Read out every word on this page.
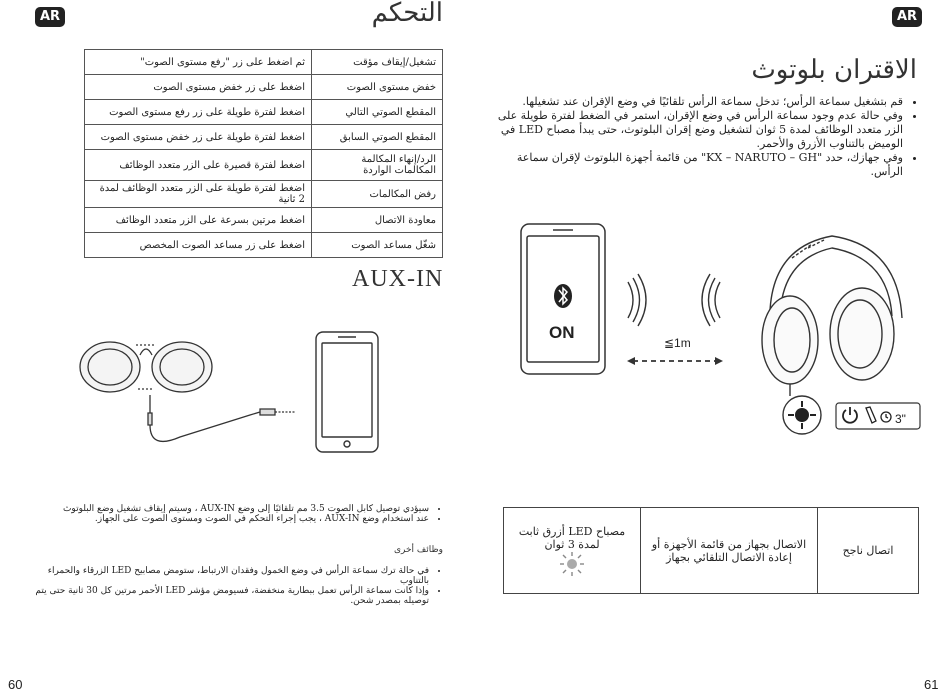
AR	التحكم
تشغيل/إيقاف مؤقت	ثم اضغط على زر "رفع مستوى الصوت"
خفض مستوى الصوت	اضغط على زر خفض مستوى الصوت
المقطع الصوتي التالي	اضغط لفترة طويلة على زر رفع مستوى الصوت
المقطع الصوتي السابق	اضغط لفترة طويلة على زر خفض مستوى الصوت
الرد/إنهاء المكالمة المكالمات الواردة	اضغط لفترة قصيرة على الزر متعدد الوظائف
رفض المكالمات	اضغط لفترة طويلة على الزر متعدد الوظائف لمدة 2 ثانية
معاودة الاتصال	اضغط مرتين بسرعة على الزر متعدد الوظائف
شغّل مساعد الصوت	اضغط على زر مساعد الصوت المخصص
AUX-IN
• سيؤدي توصيل كابل الصوت 3.5 مم تلقائيًا إلى وضع AUX-IN ، وسيتم إيقاف تشغيل وضع البلوتوث
• عند استخدام وضع AUX-IN ، يجب إجراء التحكم في الصوت ومستوى الصوت على الجهاز.
وظائف أخرى
• في حالة ترك سماعة الرأس في وضع الخمول وفقدان الارتباط، ستومض مصابيح LED الزرقاء والحمراء بالتناوب
• وإذا كانت سماعة الرأس تعمل ببطارية منخفضة، فسيومض مؤشر LED الأحمر مرتين كل 30 ثانية حتى يتم توصيله بمصدر شحن.
60
AR
الاقتران بلوتوث
• قم بتشغيل سماعة الرأس؛ تدخل سماعة الرأس تلقائيًا في وضع الإقران عند تشغيلها.
• وفي حالة عدم وجود سماعة الرأس في وضع الإقران، استمر في الضغط لفترة طويلة على الزر متعدد الوظائف لمدة 5 ثوان لتشغيل وضع إقران البلوتوث، حتى يبدأ مصباح LED في الوميض بالتناوب الأزرق والأحمر.
• وفي جهازك، حدد "KX – NARUTO – GH" من قائمة أجهزة البلوتوث لإقران سماعة الرأس.
ON
≦1m
3"
اتصال ناجح	الاتصال بجهاز من قائمة الأجهزة أو إعادة الاتصال التلقائي بجهاز	مصباح LED أزرق ثابت لمدة 3 ثوان
61
